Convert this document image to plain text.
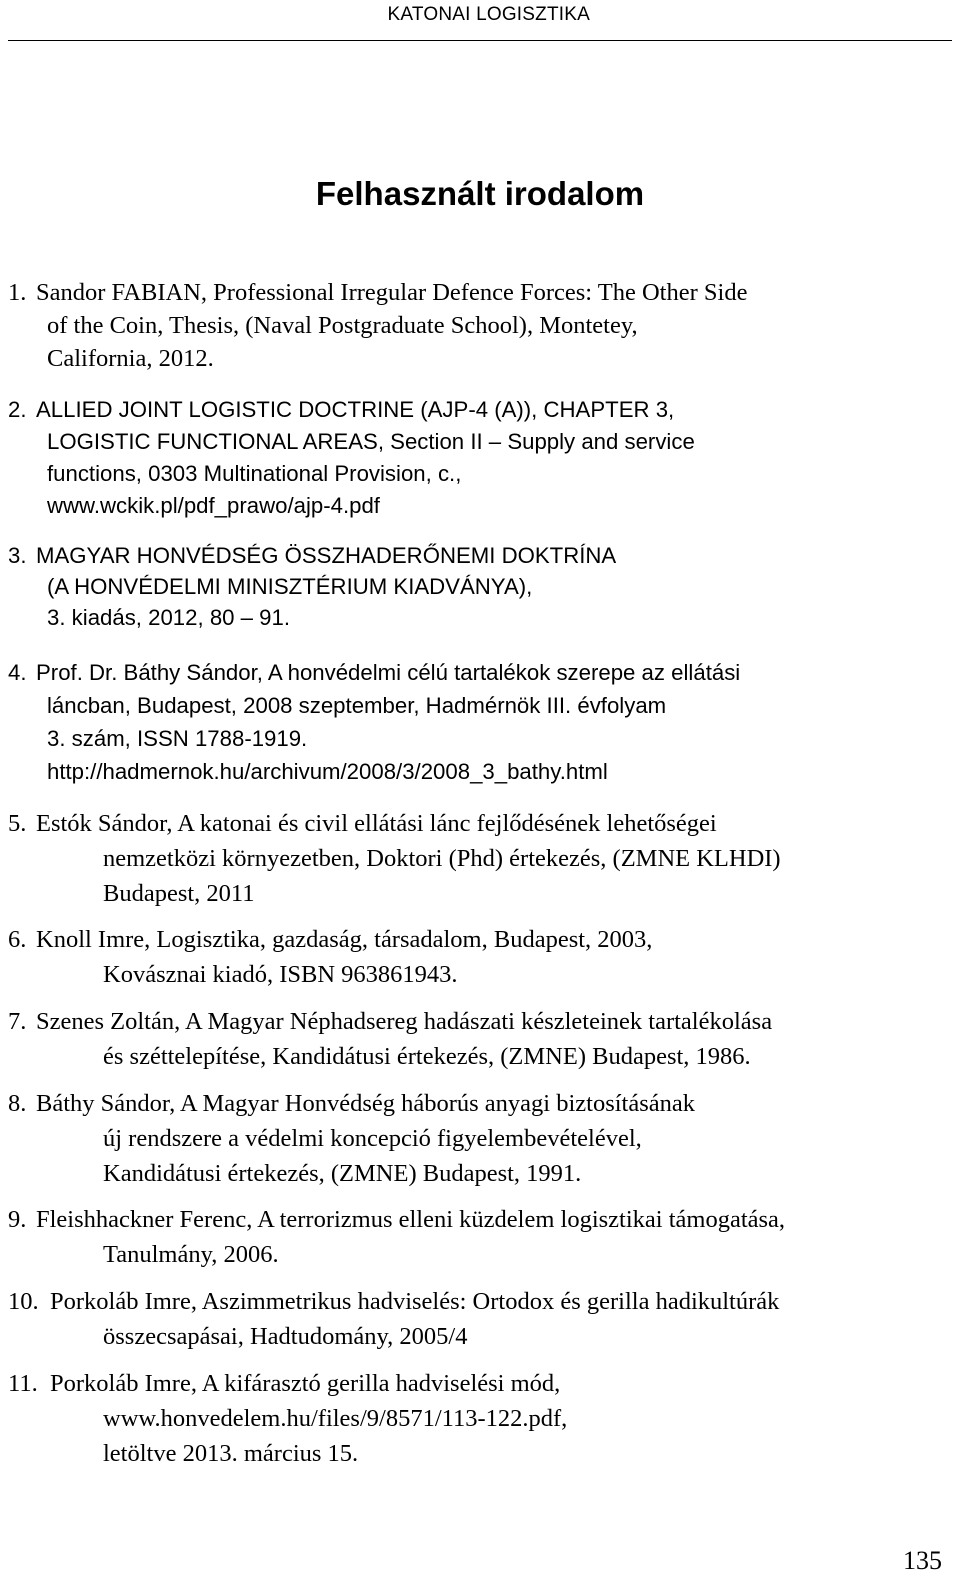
KATONAI LOGISZTIKA
Felhasznált irodalom
1. Sandor FABIAN, Professional Irregular Defence Forces: The Other Side
of the Coin, Thesis, (Naval Postgraduate School), Montetey,
California, 2012.
2. ALLIED JOINT LOGISTIC DOCTRINE (AJP-4 (A)), CHAPTER 3,
LOGISTIC FUNCTIONAL AREAS, Section II – Supply and service
functions, 0303 Multinational Provision, c.,
www.wckik.pl/pdf_prawo/ajp-4.pdf
3. MAGYAR HONVÉDSÉG ÖSSZHADERŐNEMI DOKTRÍNA
(A HONVÉDELMI MINISZTÉRIUM KIADVÁNYA),
3. kiadás, 2012, 80 – 91.
4. Prof. Dr. Báthy Sándor, A honvédelmi célú tartalékok szerepe az ellátási
láncban, Budapest, 2008 szeptember, Hadmérnök III. évfolyam
3. szám, ISSN 1788-1919.
http://hadmernok.hu/archivum/2008/3/2008_3_bathy.html
5. Estók Sándor, A katonai és civil ellátási lánc fejlődésének lehetőségei
nemzetközi környezetben, Doktori (Phd) értekezés, (ZMNE KLHDI)
Budapest, 2011
6. Knoll Imre, Logisztika, gazdaság, társadalom, Budapest, 2003,
Kovásznai kiadó, ISBN 963861943.
7. Szenes Zoltán, A Magyar Néphadsereg hadászati készleteinek tartalékolása
és széttelepítése, Kandidátusi értekezés, (ZMNE) Budapest, 1986.
8. Báthy Sándor, A Magyar Honvédség háborús anyagi biztosításának
új rendszere a védelmi koncepció figyelembevételével,
Kandidátusi értekezés, (ZMNE) Budapest, 1991.
9. Fleishhackner Ferenc, A terrorizmus elleni küzdelem logisztikai támogatása,
Tanulmány, 2006.
10. Porkoláb Imre, Aszimmetrikus hadviselés: Ortodox és gerilla hadikultúrák
összecsapásai, Hadtudomány, 2005/4
11. Porkoláb Imre, A kifárasztó gerilla hadviselési mód,
www.honvedelem.hu/files/9/8571/113-122.pdf,
letöltve 2013. március 15.
135
